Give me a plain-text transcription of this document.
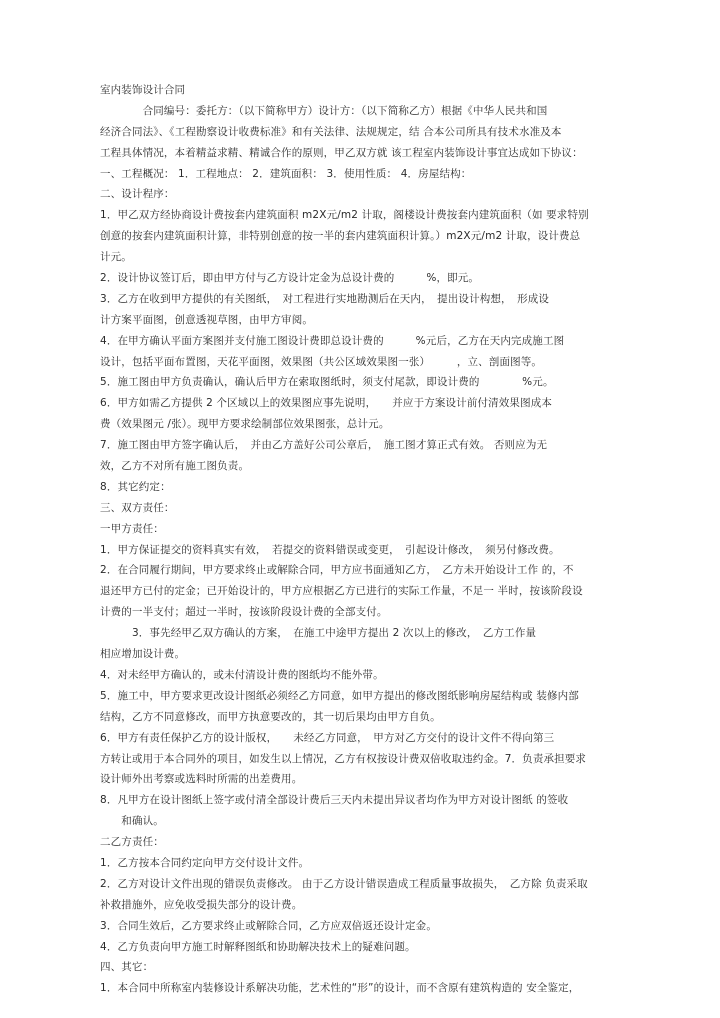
室内装饰设计合同
　　　　合同编号：委托方：（以下简称甲方）设计方：（以下简称乙方）根据《中华人民共和国
经济合同法》、《工程勘察设计收费标准》和有关法律、法规规定，结 合本公司所具有技术水准及本
工程具体情况，本着精益求精、精诚合作的原则，甲乙双方就 该工程室内装饰设计事宜达成如下协议：
一、工程概况： 1．工程地点： 2．建筑面积： 3．使用性质： 4．房屋结构：
二、设计程序：
1．甲乙双方经协商设计费按套内建筑面积 m2X元/m2 计取，阁楼设计费按套内建筑面积（如 要求特别
创意的按套内建筑面积计算，非特别创意的按一半的套内建筑面积计算。）m2X元/m2 计取，设计费总
计元。
2．设计协议签订后，即由甲方付与乙方设计定金为总设计费的　　　%，即元。
3．乙方在收到甲方提供的有关图纸，　对工程进行实地勘测后在天内，　提出设计构想，　形成设
计方案平面图，创意透视草图，由甲方审阅。
4．在甲方确认平面方案图并支付施工图设计费即总设计费的　　　%元后，乙方在天内完成施工图
设计，包括平面布置图，天花平面图，效果图（共公区域效果图一张）　　　，立、剖面图等。
5．施工图由甲方负责确认，确认后甲方在索取图纸时，须支付尾款，即设计费的　　　　%元。
6．甲方如需乙方提供 2 个区域以上的效果图应事先说明，　　并应于方案设计前付清效果图成本
费（效果图元 /张）。现甲方要求绘制部位效果图张，总计元。
7．施工图由甲方签字确认后，　并由乙方盖好公司公章后，　施工图才算正式有效。 否则应为无
效，乙方不对所有施工图负责。
8．其它约定：
三、双方责任：
一甲方责任：
1．甲方保证提交的资料真实有效，　若提交的资料错误或变更，　引起设计修改，　须另付修改费。
2．在合同履行期间，甲方要求终止或解除合同，甲方应书面通知乙方，　乙方未开始设计工作 的，不
退还甲方已付的定金；已开始设计的，甲方应根据乙方已进行的实际工作量，不足一 半时，按该阶段设
计费的一半支付；超过一半时，按该阶段设计费的全部支付。
　　　3．事先经甲乙双方确认的方案，　在施工中途甲方提出 2 次以上的修改，　乙方工作量
相应增加设计费。
4．对未经甲方确认的，或未付清设计费的图纸均不能外带。
5．施工中，甲方要求更改设计图纸必须经乙方同意，如甲方提出的修改图纸影响房屋结构或 装修内部
结构，乙方不同意修改，而甲方执意要改的，其一切后果均由甲方自负。
6．甲方有责任保护乙方的设计版权，　　未经乙方同意，　甲方对乙方交付的设计文件不得向第三
方转让或用于本合同外的项目，如发生以上情况，乙方有权按设计费双倍收取违约金。7．负责承担要求
设计师外出考察或选料时所需的出差费用。
8．凡甲方在设计图纸上签字或付清全部设计费后三天内未提出异议者均作为甲方对设计图纸 的签收
　　和确认。
二乙方责任：
1．乙方按本合同约定向甲方交付设计文件。
2．乙方对设计文件出现的错误负责修改。 由于乙方设计错误造成工程质量事故损失，　乙方除 负责采取
补救措施外，应免收受损失部分的设计费。
3．合同生效后，乙方要求终止或解除合同，乙方应双倍返还设计定金。
4．乙方负责向甲方施工时解释图纸和协助解决技术上的疑难问题。
四、其它：
1．本合同中所称室内装修设计系解决功能，艺术性的“形”的设计，而不含原有建筑构造的 安全鉴定，
